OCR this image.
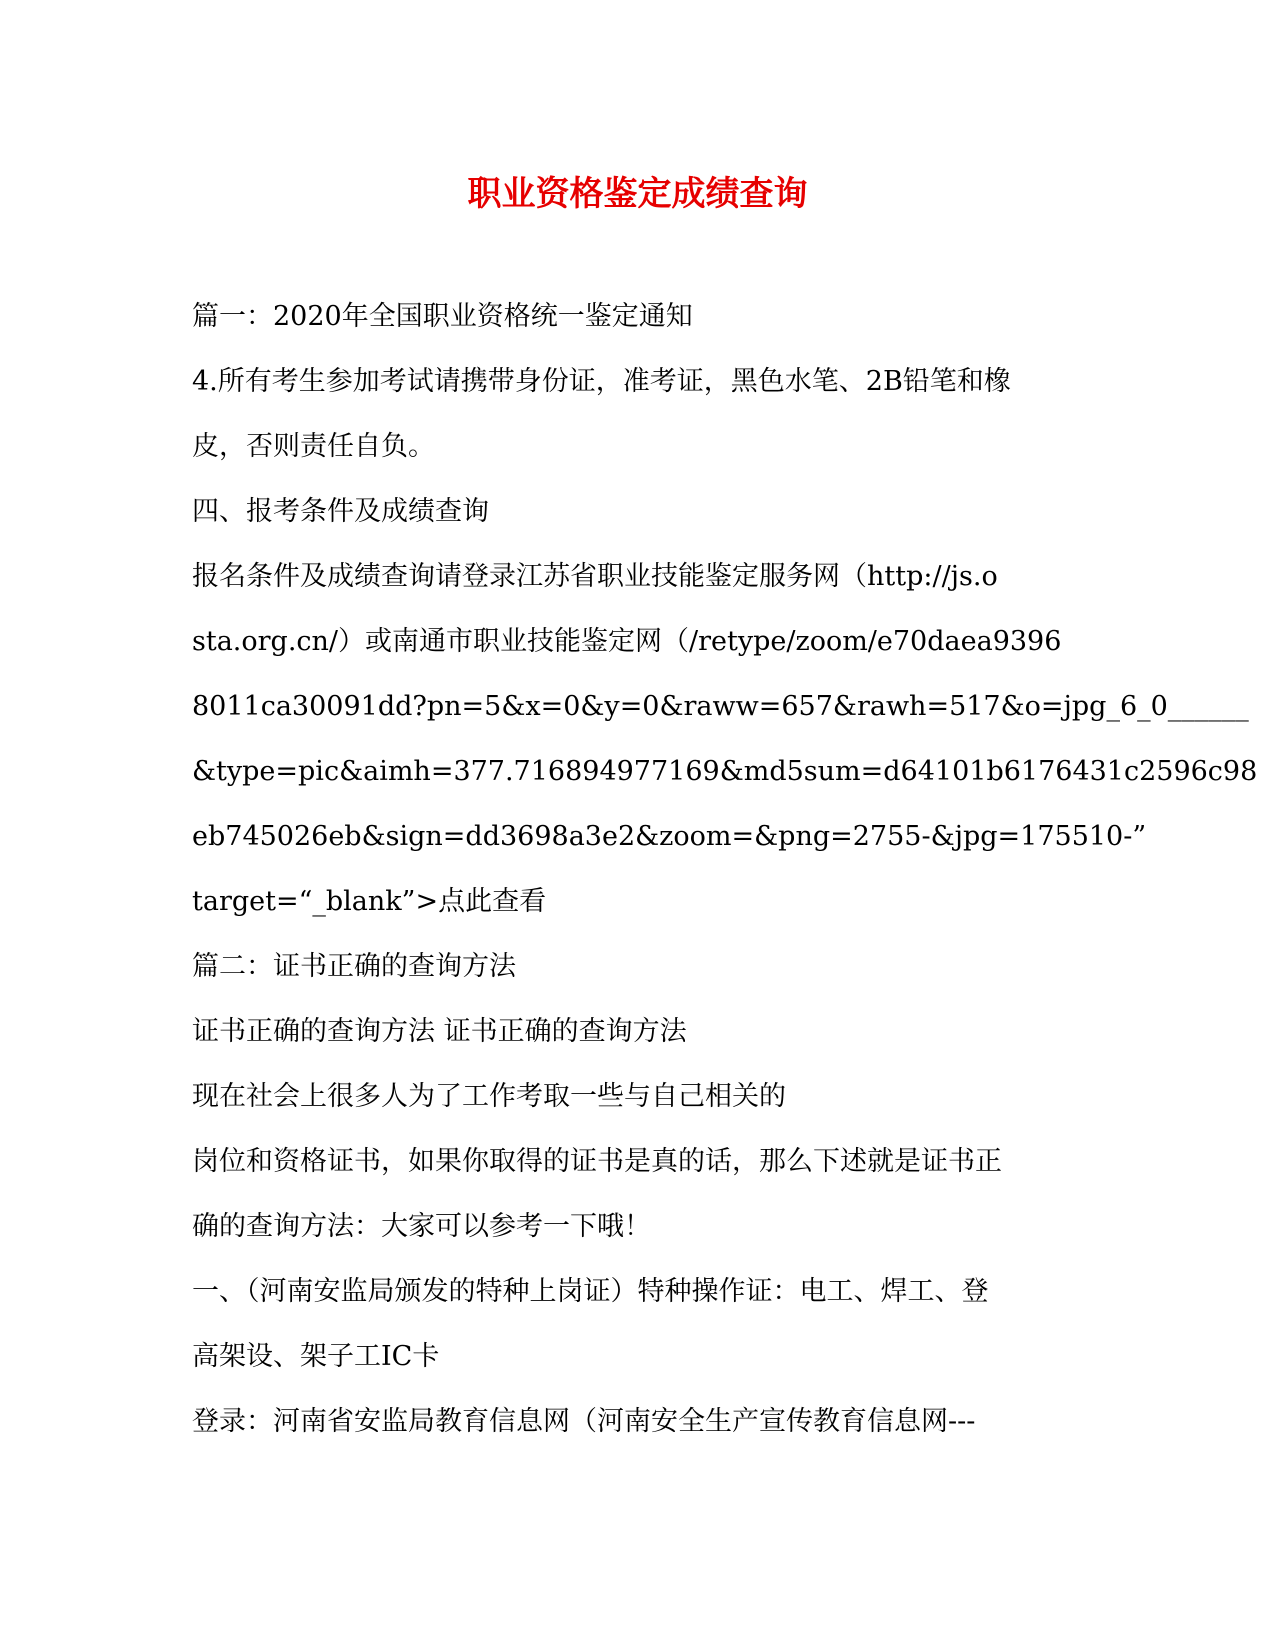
职业资格鉴定成绩查询
篇一：2020年全国职业资格统一鉴定通知
4.所有考生参加考试请携带身份证，准考证，黑色水笔、2B铅笔和橡
皮，否则责任自负。
四、报考条件及成绩查询
报名条件及成绩查询请登录江苏省职业技能鉴定服务网（http://js.o
sta.org.cn/）或南通市职业技能鉴定网（/retype/zoom/e70daea9396
8011ca30091dd?pn=5&x=0&y=0&raww=657&rawh=517&o=jpg_6_0______
&type=pic&aimh=377.716894977169&md5sum=d64101b6176431c2596c98
eb745026eb&sign=dd3698a3e2&zoom=&png=2755-&jpg=175510-”
target=“_blank”>点此查看
篇二：证书正确的查询方法
证书正确的查询方法 证书正确的查询方法
现在社会上很多人为了工作考取一些与自己相关的
岗位和资格证书，如果你取得的证书是真的话，那么下述就是证书正
确的查询方法：大家可以参考一下哦！
一、（河南安监局颁发的特种上岗证）特种操作证：电工、焊工、登
高架设、架子工IC卡
登录：河南省安监局教育信息网（河南安全生产宣传教育信息网---
